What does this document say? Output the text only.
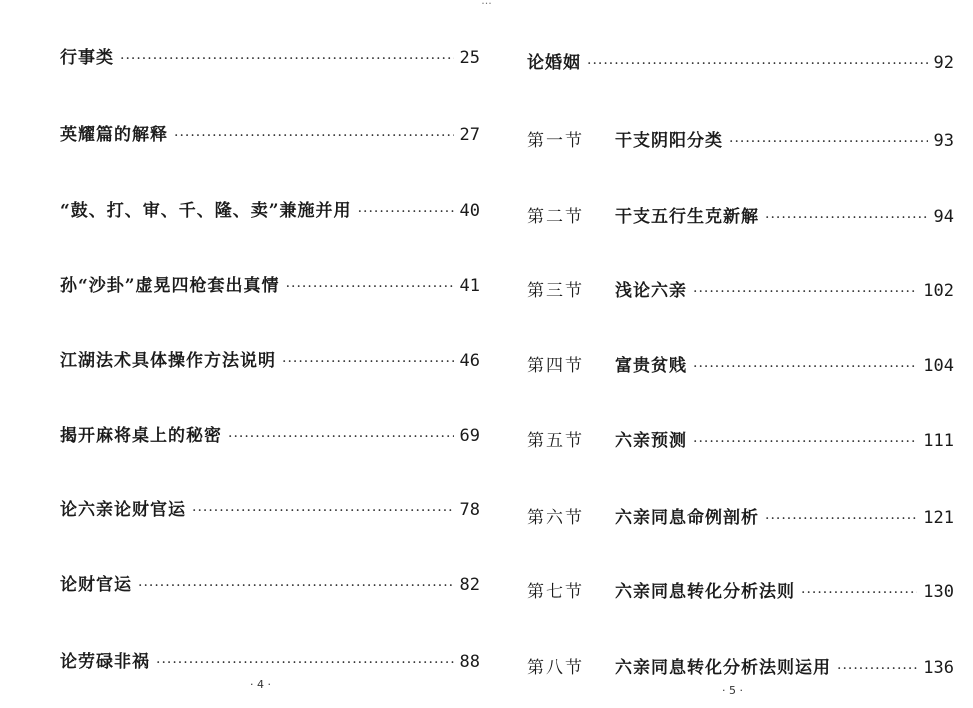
...
行事类 ·····	25
英耀篇的解释 ·····	27
“鼓、打、审、千、隆、卖”兼施并用 ·····	40
孙“沙卦”虚晃四枪套出真情 ·····	41
江湖法术具体操作方法说明 ·····	46
揭开麻将桌上的秘密 ·····	69
论六亲论财官运 ·····	78
论财官运 ·····	82
论劳碌非祸 ·····	88
论婚姻 ·····	92
第一节	干支阴阳分类 ·····	93
第二节	干支五行生克新解 ·····	94
第三节	浅论六亲 ·····	102
第四节	富贵贫贱 ·····	104
第五节	六亲预测 ·····	111
第六节	六亲同息命例剖析 ·····	121
第七节	六亲同息转化分析法则 ·····	130
第八节	六亲同息转化分析法则运用 ·····	136
· 4 ·	· 5 ·
